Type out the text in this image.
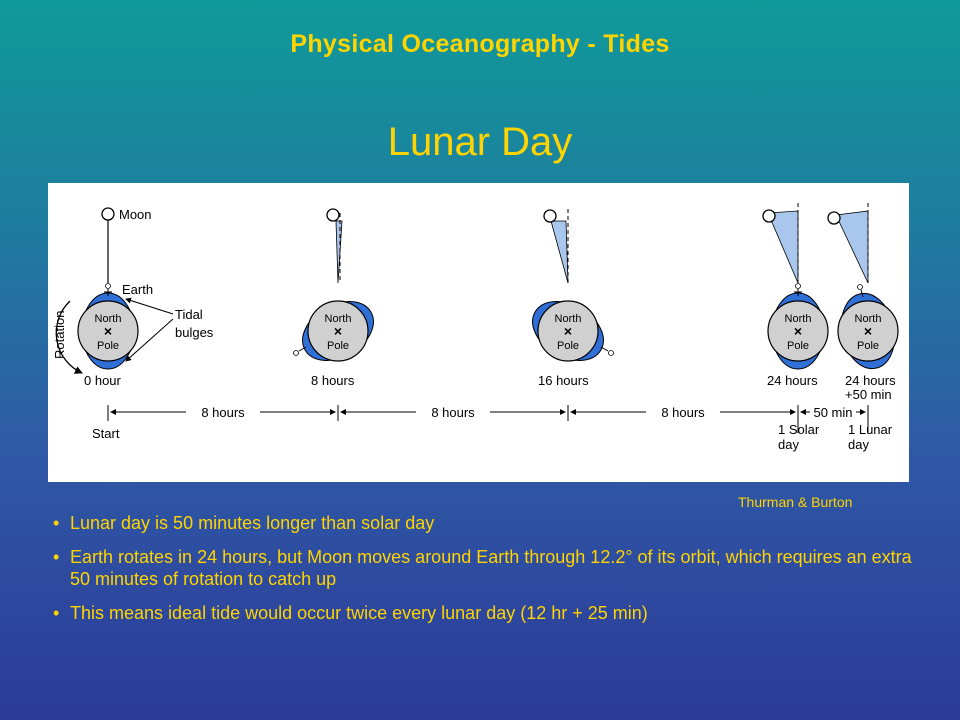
Physical Oceanography - Tides
Lunar Day
Moon
Earth
Tidal
bulges
Rotation	North
×
Pole
0 hour
North
×
Pole
8 hours
North
×
Pole
16 hours
North
×
Pole
24 hours
North
×
Pole
24 hours
+50 min
8 hours	8 hours	8 hours	50 min
Start	1 Solar
day
1 Lunar
day
Thurman & Burton
• Lunar day is 50 minutes longer than solar day
• Earth rotates in 24 hours, but Moon moves around Earth through 12.2° of its orbit, which requires an extra 50 minutes of rotation to catch up
• This means ideal tide would occur twice every lunar day (12 hr + 25 min)
